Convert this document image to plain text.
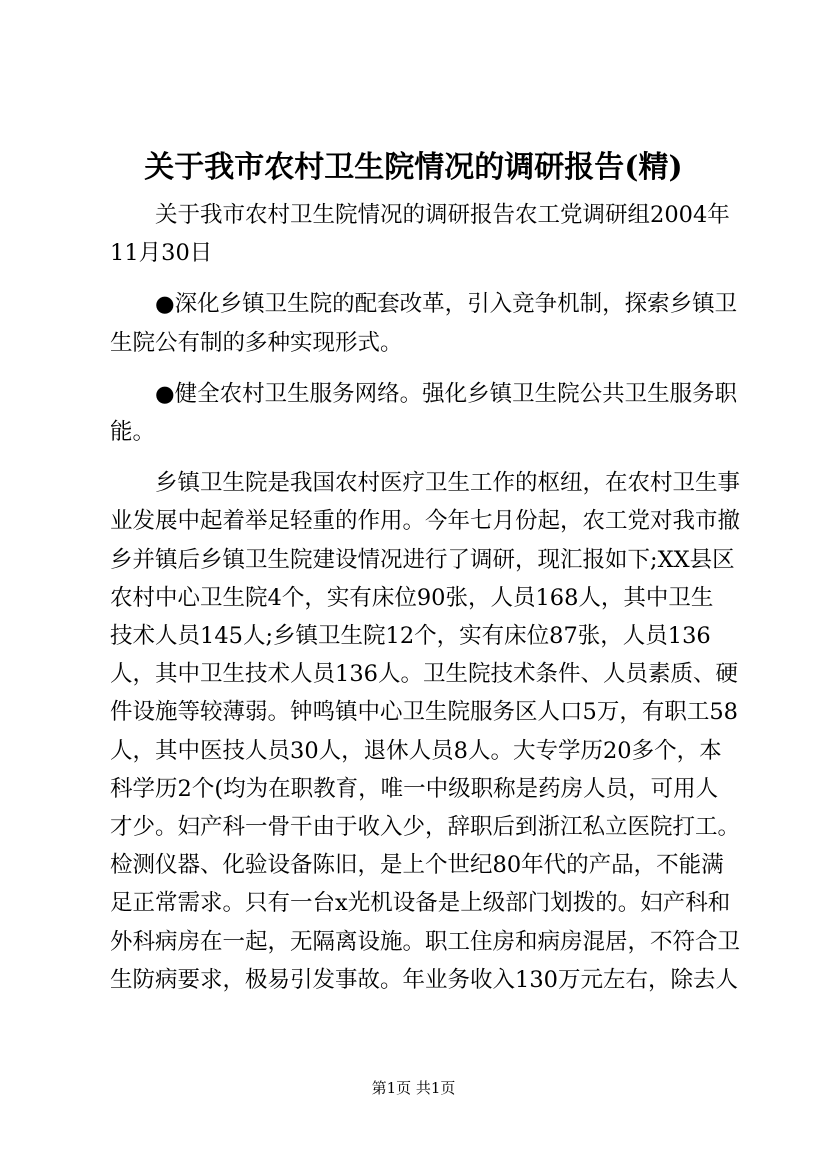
关于我市农村卫生院情况的调研报告(精)
　　关于我市农村卫生院情况的调研报告农工党调研组2004年
11月30日
　　●深化乡镇卫生院的配套改革，引入竞争机制，探索乡镇卫
生院公有制的多种实现形式。
　　●健全农村卫生服务网络。强化乡镇卫生院公共卫生服务职
能。
　　乡镇卫生院是我国农村医疗卫生工作的枢纽，在农村卫生事
业发展中起着举足轻重的作用。今年七月份起，农工党对我市撤
乡并镇后乡镇卫生院建设情况进行了调研，现汇报如下;XX县区
农村中心卫生院4个，实有床位90张，人员168人，其中卫生
技术人员145人;乡镇卫生院12个，实有床位87张，人员136
人，其中卫生技术人员136人。卫生院技术条件、人员素质、硬
件设施等较薄弱。钟鸣镇中心卫生院服务区人口5万，有职工58
人，其中医技人员30人，退休人员8人。大专学历20多个，本
科学历2个(均为在职教育，唯一中级职称是药房人员，可用人
才少。妇产科一骨干由于收入少，辞职后到浙江私立医院打工。
检测仪器、化验设备陈旧，是上个世纪80年代的产品，不能满
足正常需求。只有一台x光机设备是上级部门划拨的。妇产科和
外科病房在一起，无隔离设施。职工住房和病房混居，不符合卫
生防病要求，极易引发事故。年业务收入130万元左右，除去人
第1页 共1页
